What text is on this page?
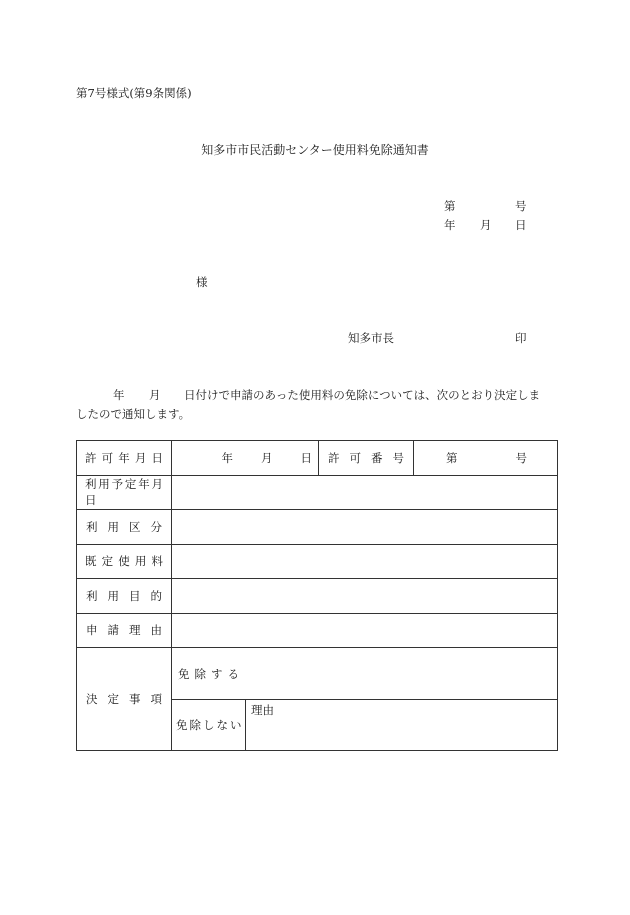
第7号様式(第9条関係)
知多市市民活動センター使用料免除通知書
第	号
年 月 日
様
知多市長	印
年 月 日付けで申請のあった使用料の免除については、次のとおり決定しま
したので通知します。
許可年月日	年 月 日		許可番号	第 号

利用予定年月日				
利用区分				
既定使用料				
利用目的				
申請理由				
決定事項	免除する			
	免除しない	理由		
